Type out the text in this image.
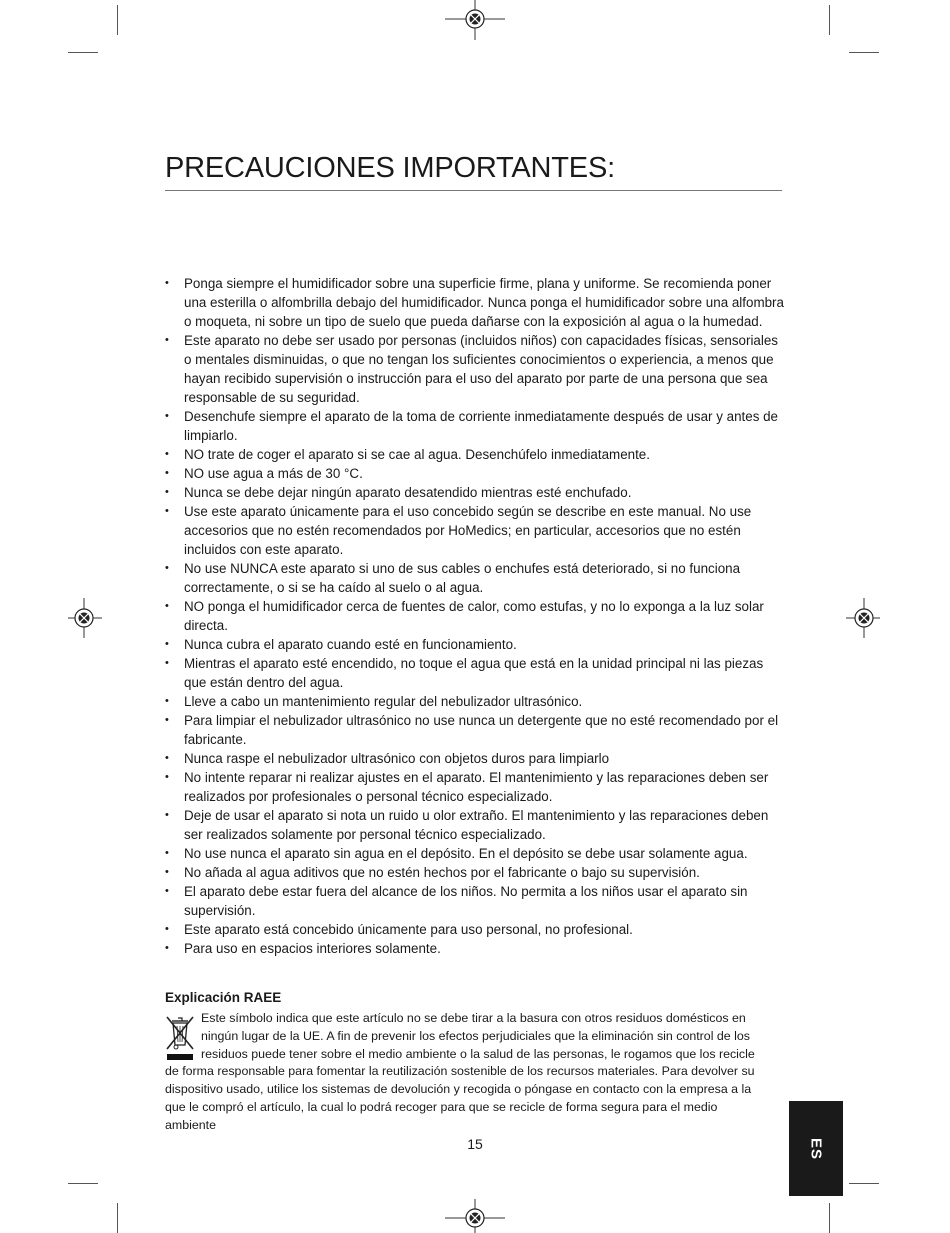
PRECAUCIONES IMPORTANTES:
• Ponga siempre el humidificador sobre una superficie firme, plana y uniforme. Se recomienda poner una esterilla o alfombrilla debajo del humidificador. Nunca ponga el humidificador sobre una alfombra o moqueta, ni sobre un tipo de suelo que pueda dañarse con la exposición al agua o la humedad.
• Este aparato no debe ser usado por personas (incluidos niños) con capacidades físicas, sensoriales o mentales disminuidas, o que no tengan los suficientes conocimientos o experiencia, a menos que hayan recibido supervisión o instrucción para el uso del aparato por parte de una persona que sea responsable de su seguridad.
• Desenchufe siempre el aparato de la toma de corriente inmediatamente después de usar y antes de limpiarlo.
• NO trate de coger el aparato si se cae al agua. Desenchúfelo inmediatamente.
• NO use agua a más de 30 °C.
• Nunca se debe dejar ningún aparato desatendido mientras esté enchufado.
• Use este aparato únicamente para el uso concebido según se describe en este manual. No use accesorios que no estén recomendados por HoMedics; en particular, accesorios que no estén incluidos con este aparato.
• No use NUNCA este aparato si uno de sus cables o enchufes está deteriorado, si no funciona correctamente, o si se ha caído al suelo o al agua.
• NO ponga el humidificador cerca de fuentes de calor, como estufas, y no lo exponga a la luz solar directa.
• Nunca cubra el aparato cuando esté en funcionamiento.
• Mientras el aparato esté encendido, no toque el agua que está en la unidad principal ni las piezas que están dentro del agua.
• Lleve a cabo un mantenimiento regular del nebulizador ultrasónico.
• Para limpiar el nebulizador ultrasónico no use nunca un detergente que no esté recomendado por el fabricante.
• Nunca raspe el nebulizador ultrasónico con objetos duros para limpiarlo
• No intente reparar ni realizar ajustes en el aparato. El mantenimiento y las reparaciones deben ser realizados por profesionales o personal técnico especializado.
• Deje de usar el aparato si nota un ruido u olor extraño. El mantenimiento y las reparaciones deben ser realizados solamente por personal técnico especializado.
• No use nunca el aparato sin agua en el depósito. En el depósito se debe usar solamente agua.
• No añada al agua aditivos que no estén hechos por el fabricante o bajo su supervisión.
• El aparato debe estar fuera del alcance de los niños. No permita a los niños usar el aparato sin supervisión.
• Este aparato está concebido únicamente para uso personal, no profesional.
• Para uso en espacios interiores solamente.
Explicación RAEE

Este símbolo indica que este artículo no se debe tirar a la basura con otros residuos domésticos en ningún lugar de la UE. A fin de prevenir los efectos perjudiciales que la eliminación sin control de los residuos puede tener sobre el medio ambiente o la salud de las personas, le rogamos que los recicle de forma responsable para fomentar la reutilización sostenible de los recursos materiales. Para devolver su dispositivo usado, utilice los sistemas de devolución y recogida o póngase en contacto con la empresa a la que le compró el artículo, la cual lo podrá recoger para que se recicle de forma segura para el medio ambiente

15	ES
